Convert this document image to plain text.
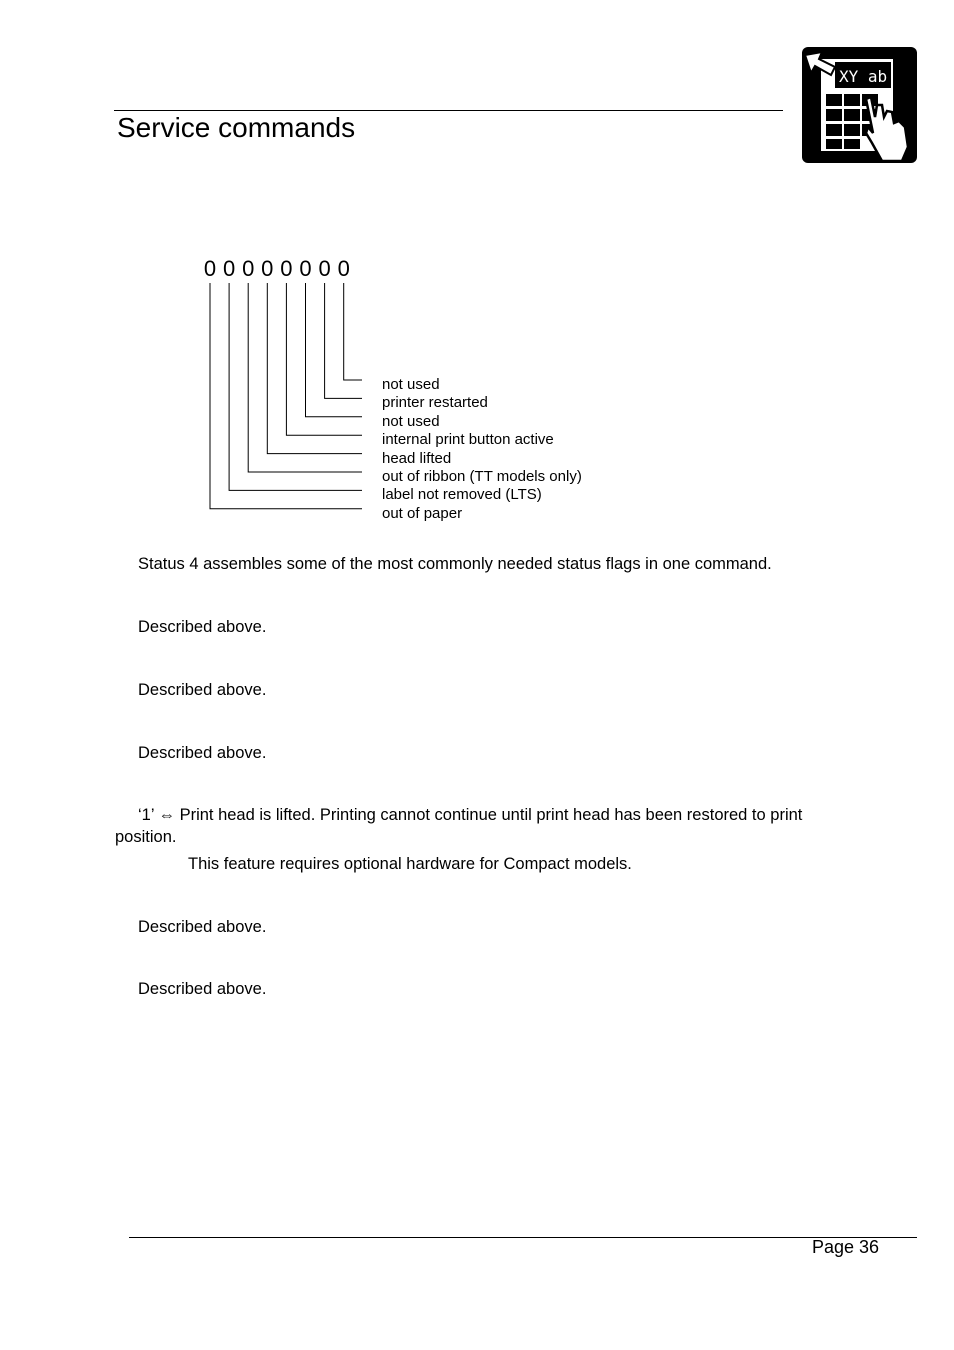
Service commands
XY ab
0 0 0 0 0 0 0 0
not used
printer restarted
not used
internal print button active
head lifted
out of ribbon (TT models only)
label not removed (LTS)
out of paper
Status 4 assembles some of the most commonly needed status flags in one command.
Described above.
Described above.
Described above.
‘1’ ⇔ Print head is lifted. Printing cannot continue until print head has been restored to print
position.
This feature requires optional hardware for Compact models.
Described above.
Described above.
Page 36
